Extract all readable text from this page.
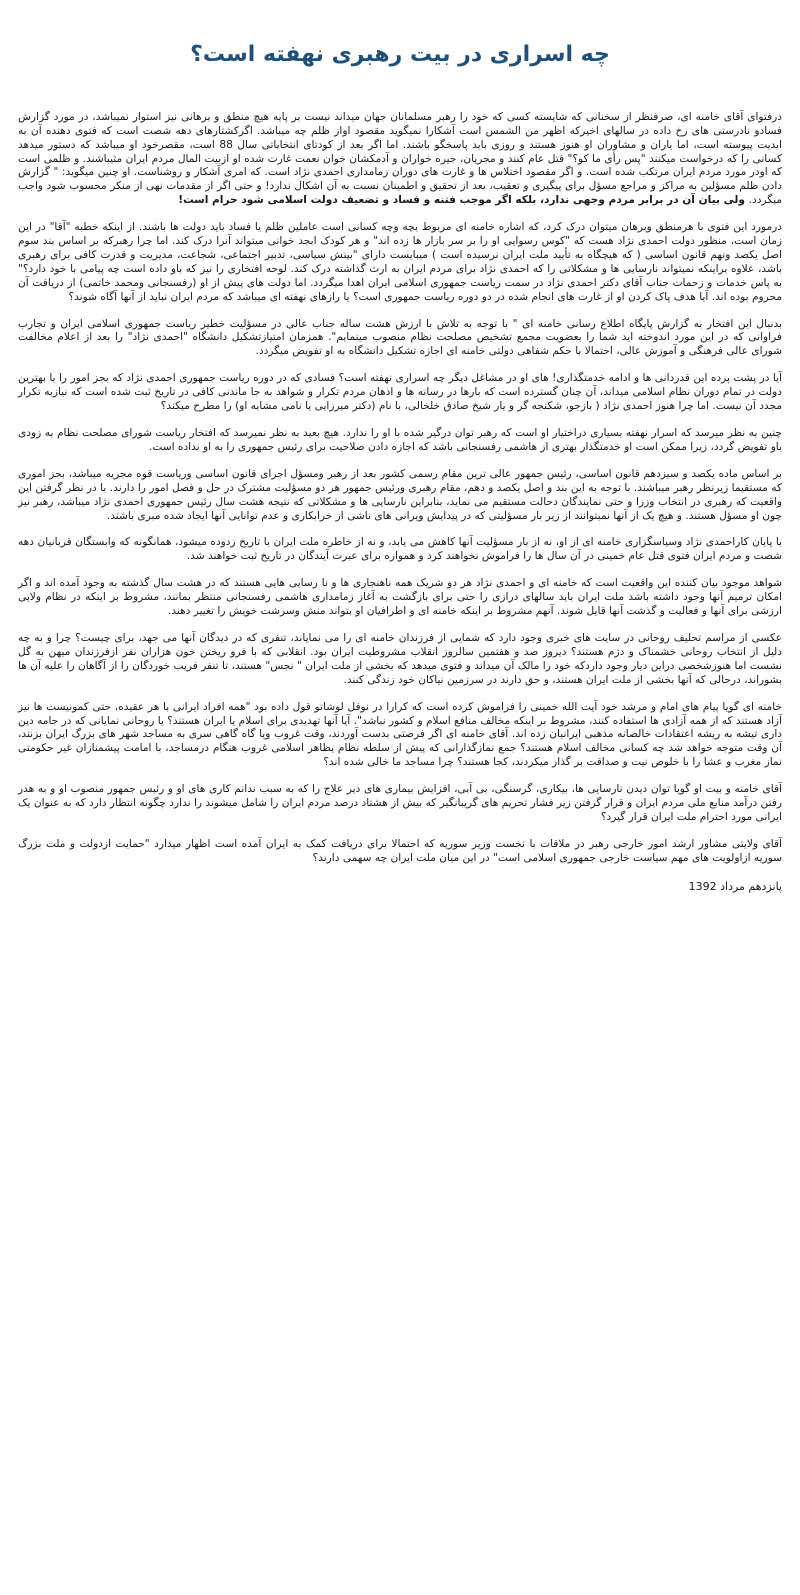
چه اسراری در بیت رهبری نهفته است؟

درفتوای آقای خامنه ای، صرفنظر از سخنانی که شایسته کسی که خود را رهبر مسلمانان جهان میداند نیست بر پایه هیچ منطق و برهانی نیز استوار نمیباشد، در مورد گزارش فسادو نادرستی های رخ داده در سالهای اخیرکه اظهر من الشمس است آشکارا نمیگوید مقصود اواز ظلم چه میباشد. اگرکشتارهای دهه شصت است که فتوی دهنده آن به ابدیت پیوسته است، اما یاران و مشاوران او هنوز هستند و روزی باید پاسخگو باشند. اما اگر بعد از کودتای انتخاباتی سال 88 است، مقصرخود او میباشد که دستور میدهد کسانی را که درخواست میکنند "پس رأی ما کو؟" قتل عام کنند و مجریان، جیره خواران و آدمکشان خوان نعمت غارت شده او ازبیت المال مردم ایران مثیباشند. و ظلمی است که اودر مورد مردم ایران مرتکب شده است. و اگر مقصود اختلاس ها و غارت های دوران زمامداری احمدی نژاد است. که امری آشکار و روشناست. او چنین میگوید: " گزارش دادن ظلم مسؤلین به مراکز و مراجع مسؤل برای پیگیری و تعقیب، بعد از تحقیق و اطمینان نسبت به آن اشکال ندارد! و حتی اگر از مقدمات نهی از منکر محسوب شود واجب میگردد. ولی بیان آن در برابر مردم وجهی ندارد، بلکه اگر موجب فتنه و فساد و تضعیف دولت اسلامی شود حرام است!

درمورد این فتوی با هرمنطق وبرهان میتوان درک کرد، که اشاره خامنه ای مربوط بچه وچه کسانی است عاملین ظلم یا فساد باید دولت ها باشند. از اینکه خطبه "آقا" در این زمان است، منظور دولت احمدی نژاد هست که "کوس رسوایی او را بر سر بازار ها زده اند" و هر کودک ابجد خوانی میتواند آنرا درک کند. اما چرا رهبرکه بر اساس بند سوم اصل یکصد ونهم قانون اساسی ( که هیچگاه به تأیید ملت ایران نرسیده است ) میبایست دارای "بینش سیاسی، تدبیر اجتماعی، شجاعت، مدیریت و قدرت کافی برای رهبری باشد، علاوه براینکه نمیتواند نارسایی ها و مشکلاتی را که احمدی نژاد برای مردم ایران به ارث گذاشته درک کند. لوحه افتخاری را نیز که باو داده است چه پیامی با خود دارد؟" به پاس خدمات و زحمات جناب آقای دکتر احمدی نژاد در سمت ریاست جمهوری اسلامی ایران اهدا میگردد. اما دولت های پیش از او (رفسنجانی ومحمد خاتمی) از دریافت آن محروم بوده اند. آیا هدف پاک کردن او از غارت های انجام شده در دو دوره ریاست جمهوری است؟ یا رازهای نهفته ای میباشد که مردم ایران نباید از آنها آگاه شوند؟

بدنبال این افتخار به گزارش پایگاه اطلاع رسانی خامنه ای " با توجه به تلاش با ارزش هشت ساله جناب عالی در مسؤلیت خطیر ریاست جمهوری اسلامی ایران و تجارب فراوانی که در این مورد اندوخته اید شما را بعضویت مجمع تشخیص مصلحت نظام منصوب مینمایم". همزمان امتیازتشکیل دانشگاه "احمدی نژاد" را بعد از اعلام مخالفت شورای عالی فرهنگی و آموزش عالی، احتمالا با حکم شفاهی دولتی خامنه ای اجازه تشکیل دانشگاه به او تفویض میگردد.

آیا در پشت پرده این قدردانی ها و ادامه خدمتگذاری! های او در مشاغل دیگر چه اسراری نهفته است؟ فسادی که در دوره ریاست جمهوری احمدی نژاد که بجز امور را با بهترین دولت در تمام دوران نظام اسلامی میداند، آن چنان گسترده است که بارها در رسانه ها و اذهان مردم تکرار و شواهد به جا ماندنی کافی در تاریخ ثبت شده است که نیازبه تکرار مجدد آن نیست. اما چرا هنوز احمدی نژاد ( بازجو، شکنجه گر و یار شیخ صادق خلخالی، با نام (دکتر میرزایی یا نامی مشابه او) را مطرح میکند؟

چنین به نظر میرسد که اسرار نهفته بسیاری دراختیار او است که رهبر توان درگیر شده با او را ندارد. هیچ بعید به نظر نمیرسد که افتخار ریاست شورای مصلحت نظام به زودی باو تفویض گردد، زیرا ممکن است او خدمتگذار بهتری از هاشمی رفسنجانی باشد که اجازه دادن صلاحیت برای رئیس جمهوری را به او نداده است.

بر اساس ماده یکصد و سیزدهم قانون اساسی، رئیس جمهور عالی ترین مقام رسمی کشور بعد از رهبر ومسؤل اجرای قانون اساسی وریاست قوه مجریه میباشد، بجز اموری که مستقیما زیرنظر رهبر میباشند. با توجه به این بند و اصل یکصد و دهم، مقام رهبری ورئیس جمهور هر دو مسؤلیت مشترک در حل و فصل امور را دارند. با در نظر گرفتن این واقعیت که رهبری در انتخاب وزرا و حتی نمایندگان دحالت مستقیم می نماید، بنابراین نارسایی ها و مشکلاتی که نتیجه هشت سال رئیس جمهوری احمدی نژاد میباشد، رهبر نیز چون او مسؤل هستند. و هیچ یک از آنها نمیتوانند از زیر بار مسؤلیتی که در پیدایش ویرانی های ناشی از خرابکاری و عدم توانایی آنها ایجاد شده مبری باشند.

با پایان کاراحمدی نژاد وسیاسگزاری خامنه ای از او، نه از بار مسؤلیت آنها کاهش می یابد، و نه از خاطره ملت ایران با تاریخ زدوده میشود، همانگونه که وابستگان قربانیان دهه شصت و مردم ایران فتوی قتل عام خمینی در آن سال ها را فراموش نخواهند کرد و همواره برای عبرت آیندگان در تاریخ ثبت خواهند شد.

شواهد موجود بیان کننده این واقعیت است که خامنه ای و احمدی نژاد هر دو شریک همه ناهنجاری ها و نا رسایی هایی هستند که در هشت سال گذشته به وجود آمده اند و اگر امکان ترمیم آنها وجود داشته باشد ملت ایران باید سالهای درازی را حتی برای بازگشت به آغاز زمامداری هاشمی رفسنجانی منتظر بمانند، مشروط بر اینکه در نظام ولایی ارزشی برای آنها و فعالیت و گذشت آنها قایل شوند. آنهم مشروط بر اینکه خامنه ای و اطرافیان او بتواند منش وسرشت خویش را تغییر دهند.

عکسی از مراسم تحلیف روحانی در سایت های خبری وجود دارد که شمایی از فرزندان خامنه ای را می نمایاند، تنفری که در دیدگان آنها می جهد، برای چیست؟ چرا و به چه دلیل از انتخاب روحانی خشمناک و دژم هستند؟ دیروز صد و هفتمین سالروز انقلاب مشروطیت ایران بود. انقلابی که با فرو ریختن خون هزاران نفر ازفرزندان میهن به گل نشست اما هنوزشخصی دراین دیار وجود داردکه خود را مالک آن میداند و فتوی میدهد که بخشی از ملت ایران " نجس" هستند، تا تنفر فریب خوردگان را از آگاهان را علیه آن ها بشوراند، درحالی که آنها بخشی از ملت ایران هستند، و حق دارند در سرزمین نیاکان خود زندگی کنند.

خامنه ای گویا پیام های امام و مرشد خود آیت الله خمینی را فراموش کرده است که کرارا در نوفل لوشاتو قول داده بود "همه افراد ایرانی با هر عقیده، حتی کمونیست ها نیز آزاد هستند که از همه آزادی ها استفاده کنند، مشروط بر اینکه مخالف منافع اسلام و کشور نباشد". آیا آنها تهدیدی برای اسلام یا ایران هستند؟ یا روحانی نمایانی که در جامه دین داری تیشه به ریشه اعتقادات خالصانه مذهبی ایرانیان زده اند. آقای خامنه ای اگر فرصتی بدست آوردند، وقت غروب ویا گاه گاهی سری به مساجد شهر های بزرگ ایران بزنند، آن وقت متوجه خواهد شد چه کسانی مخالف اسلام هستند؟ جمع نمازگذارانی که پیش از سلطه نظام یظاهر اسلامی غروب هنگام درمساجد، با امامت پیشمنازان غیر حکومتی نماز مغرب و عشا را با خلوص نیت و صداقت بر گذار میکردند، کجا هستند؟ چرا مساجد ما خالی شده اند؟

آقای خامنه و بیت او گویا توان دیدن نارسایی ها، بیکاری، گرسنگی، بی آبی، افزایش بیماری های دیر علاج را که به سبب ندانم کاری های او و رئیس جمهور منصوب او و به هدر رفتن درآمد منابع ملی مردم ایران و قرار گرفتن زیر فشار تحریم های گریبانگیر که بیش از هشتاد درصد مردم ایران را شامل میشوند را ندارد چگونه انتظار دارد که به عنوان یک ایرانی مورد احترام ملت ایران قرار گیرد؟

آقای ولایتی مشاور ارشد امور خارجی رهبر در ملاقات با نخست وزیر سوریه که احتمالا برای دریافت کمک به ایران آمده است اظهار میدارد "حمایت ازدولت و ملت بزرگ سوریه ازاولویت های مهم سیاست خارجی جمهوری اسلامی است" در این میان ملت ایران چه سهمی دارند؟

پانزدهم مرداد 1392
